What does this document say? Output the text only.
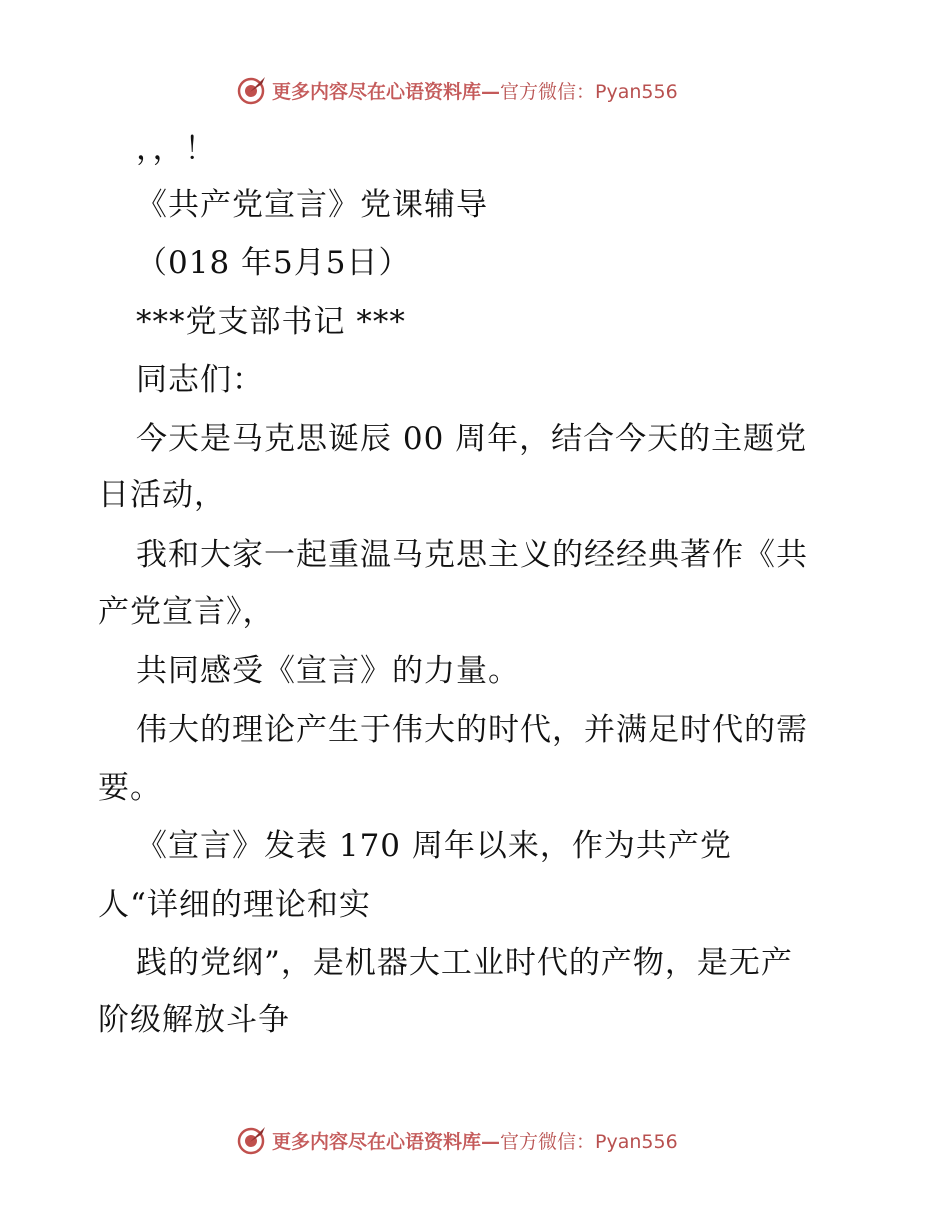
更多内容尽在心语资料库— 官方微信：Pyan556
，，！
《共产党宣言》党课辅导
（018 年5月5日）
***党支部书记 ***
同志们：
今天是马克思诞辰 00 周年，结合今天的主题党
日活动，
我和大家一起重温马克思主义的经经典著作《共
产党宣言》，
共同感受《宣言》的力量。
伟大的理论产生于伟大的时代，并满足时代的需
要。
《宣言》发表 170 周年以来，作为共产党
人“详细的理论和实
践的党纲”，是机器大工业时代的产物，是无产
阶级解放斗争
更多内容尽在心语资料库— 官方微信：Pyan556
